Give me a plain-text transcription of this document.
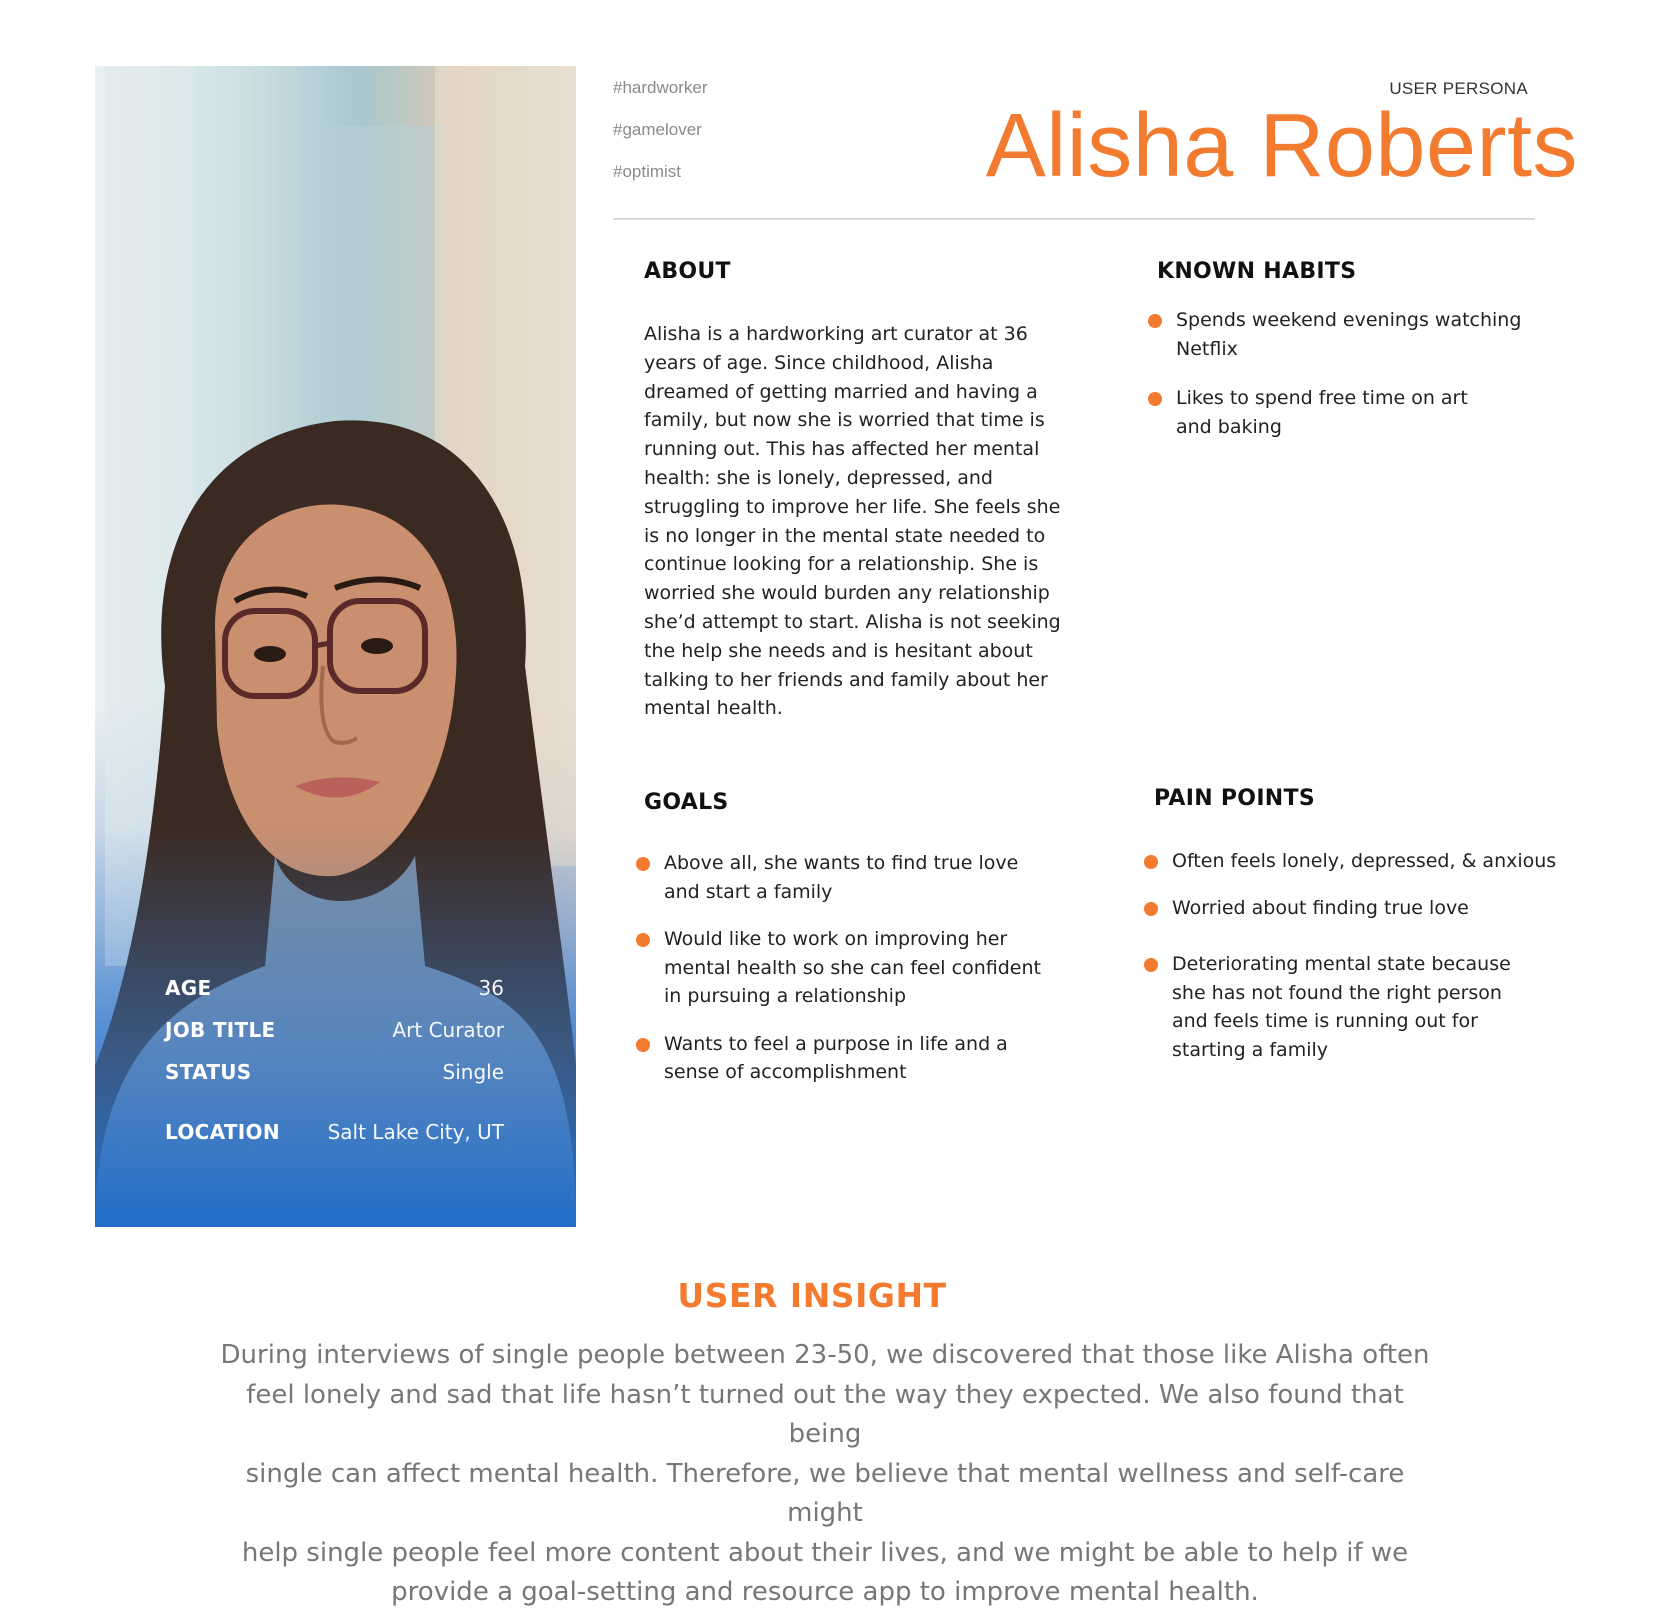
AGE	36
JOB TITLE	Art Curator
STATUS	Single
LOCATION Salt Lake City, UT
#hardworker
#gamelover
#optimist
USER PERSONA
Alisha Roberts
ABOUT
Alisha is a hardworking art curator at 36
years of age. Since childhood, Alisha
dreamed of getting married and having a
family, but now she is worried that time is
running out. This has affected her mental
health: she is lonely, depressed, and
struggling to improve her life. She feels she
is no longer in the mental state needed to
continue looking for a relationship. She is
worried she would burden any relationship
she’d attempt to start. Alisha is not seeking
the help she needs and is hesitant about
talking to her friends and family about her
mental health.
KNOWN HABITS
Spends weekend evenings watching
Netflix
Likes to spend free time on art
and baking
GOALS
Above all, she wants to find true love
and start a family
Would like to work on improving her
mental health so she can feel confident
in pursuing a relationship
Wants to feel a purpose in life and a
sense of accomplishment
PAIN POINTS
Often feels lonely, depressed, & anxious
Worried about finding true love
Deteriorating mental state because
she has not found the right person
and feels time is running out for
starting a family
USER INSIGHT
During interviews of single people between 23-50, we discovered that those like Alisha often
feel lonely and sad that life hasn’t turned out the way they expected. We also found that being
single can affect mental health. Therefore, we believe that mental wellness and self-care might
help single people feel more content about their lives, and we might be able to help if we
provide a goal-setting and resource app to improve mental health.
